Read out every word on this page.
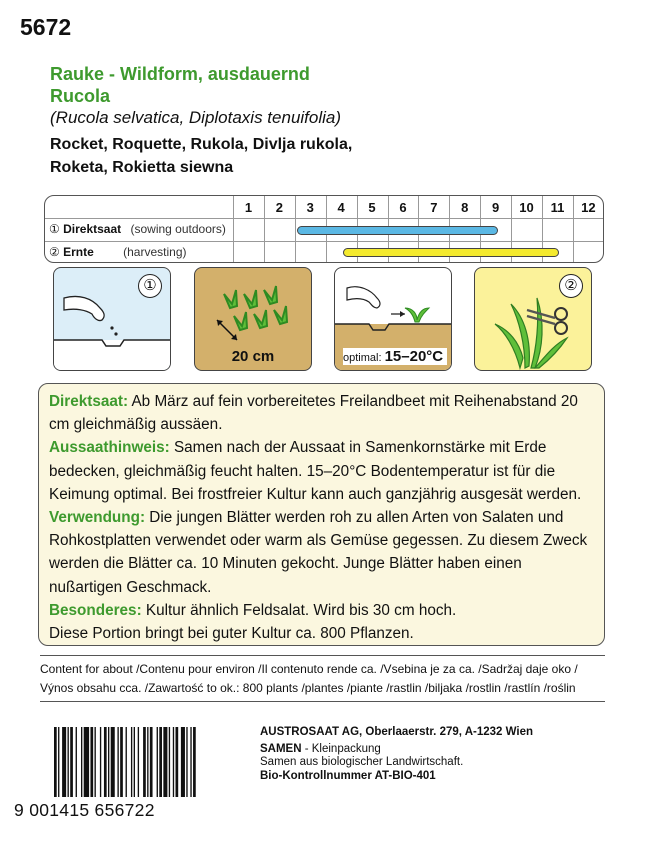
5672
Rauke - Wildform, ausdauernd
Rucola
(Rucola selvatica, Diplotaxis tenuifolia)
Rocket, Roquette, Rukola, Divlja rukola,
Roketa, Rokietta siewna
1	2	3	4	5	6	7	8	9	10	11	12
① Direktsaat (sowing outdoors)
② Ernte (harvesting)
①
20 cm	optimal: 15–20°C
②

Direktsaat: Ab März auf fein vorbereitetes Freilandbeet mit Reihenabstand 20 cm gleichmäßig aussäen.

Aussaathinweis: Samen nach der Aussaat in Samenkornstärke mit Erde bedecken, gleichmäßig feucht halten. 15–20°C Bodentemperatur ist für die Keimung optimal. Bei frostfreier Kultur kann auch ganzjährig ausgesät werden.

Verwendung: Die jungen Blätter werden roh zu allen Arten von Salaten und Rohkostplatten verwendet oder warm als Gemüse gegessen. Zu diesem Zweck werden die Blätter ca. 10 Minuten gekocht. Junge Blätter haben einen nußartigen Geschmack.

Besonderes: Kultur ähnlich Feldsalat. Wird bis 30 cm hoch.

Diese Portion bringt bei guter Kultur ca. 800 Pflanzen.

Content for about /Contenu pour environ /Il contenuto rende ca. /Vsebina je za ca. /Sadržaj daje oko /
Výnos obsahu cca. /Zawartość to ok.: 800 plants /plantes /piante /rastlin /biljaka /rostlin /rastlín /roślin
9 001415 656722
AUSTROSAAT AG, Oberlaaerstr. 279, A-1232 Wien
SAMEN - Kleinpackung
Samen aus biologischer Landwirtschaft.
Bio-Kontrollnummer AT-BIO-401
